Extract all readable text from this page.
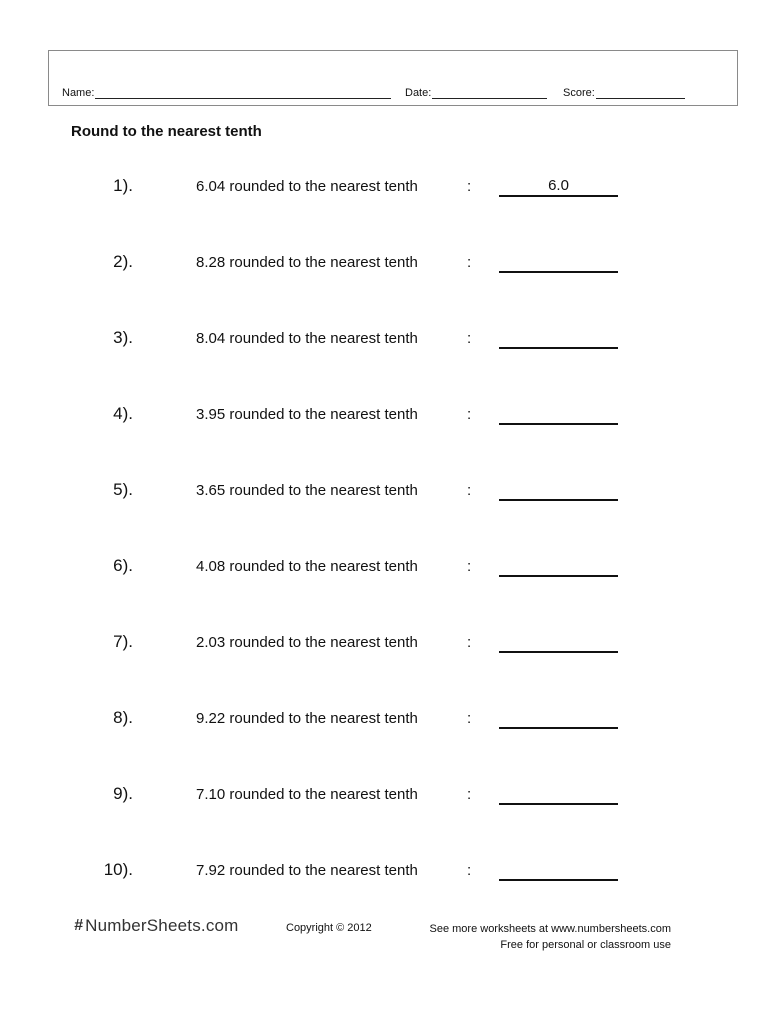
Name:	Date:	Score:
Round to the nearest tenth
1).	6.04 rounded to the nearest tenth	:	6.0
2).	8.28 rounded to the nearest tenth	:
3).	8.04 rounded to the nearest tenth	:
4).	3.95 rounded to the nearest tenth	:
5).	3.65 rounded to the nearest tenth	:
6).	4.08 rounded to the nearest tenth	:
7).	2.03 rounded to the nearest tenth	:
8).	9.22 rounded to the nearest tenth	:
9).	7.10 rounded to the nearest tenth	:
10).	7.92 rounded to the nearest tenth	:
# NumberSheets.com	Copyright © 2012	See more worksheets at www.numbersheets.com
Free for personal or classroom use
